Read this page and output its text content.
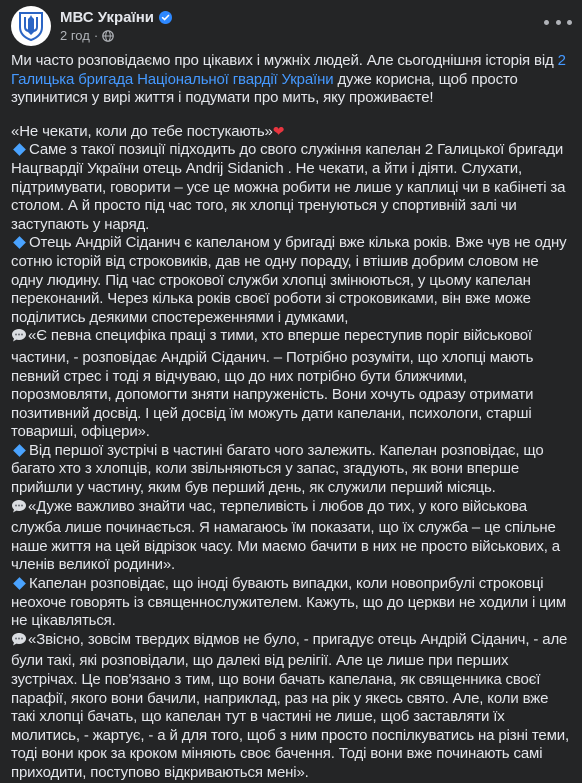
МВС України
2 год ·

Ми часто розповідаємо про цікавих і мужніх людей. Але сьогоднішня історія від 2 Галицька бригада Національної гвардії України дуже корисна, щоб просто зупинитися у вирі життя і подумати про мить, яку проживаєте!

«Не чекати, коли до тебе постукають»❤

Саме з такої позиції підходить до свого служіння капелан 2 Галицької бригади Нацгвардії України отець Andrij Sidanich . Не чекати, а йти і діяти. Слухати, підтримувати, говорити – усе це можна робити не лише у каплиці чи в кабінеті за столом. А й просто під час того, як хлопці тренуються у спортивній залі чи заступають у наряд.

Отець Андрій Сіданич є капеланом у бригаді вже кілька років. Вже чув не одну сотню історій від строковиків, дав не одну пораду, і втішив добрим словом не одну людину. Під час строкової служби хлопці змінюються, у цьому капелан переконаний. Через кілька років своєї роботи зі строковиками, він вже може поділитись деякими спостереженнями і думками,

«Є певна специфіка праці з тими, хто вперше переступив поріг військової частини, - розповідає Андрій Сіданич. – Потрібно розуміти, що хлопці мають певний стрес і тоді я відчуваю, що до них потрібно бути ближчими, порозмовляти, допомогти зняти напруженість. Вони хочуть одразу отримати позитивний досвід. І цей досвід їм можуть дати капелани, психологи, старші товариші, офіцери».

Від першої зустрічі в частині багато чого залежить. Капелан розповідає, що багато хто з хлопців, коли звільняються у запас, згадують, як вони вперше прийшли у частину, яким був перший день, як служили перший місяць.

«Дуже важливо знайти час, терпеливість і любов до тих, у кого військова служба лише починається. Я намагаюсь їм показати, що їх служба – це спільне наше життя на цей відрізок часу. Ми маємо бачити в них не просто військових, а членів великої родини».

Капелан розповідає, що іноді бувають випадки, коли новоприбулі строковці неохоче говорять із священнослужителем. Кажуть, що до церкви не ходили і цим не цікавляться.

«Звісно, зовсім твердих відмов не було, - пригадує отець Андрій Сіданич, - але були такі, які розповідали, що далекі від релігії. Але це лише при перших зустрічах. Це пов'язано з тим, що вони бачать капелана, як священника своєї парафії, якого вони бачили, наприклад, раз на рік у якесь свято. Але, коли вже такі хлопці бачать, що капелан тут в частині не лише, щоб заставляти їх молитись, - жартує, - а й для того, щоб з ним просто поспілкуватись на різні теми, тоді вони крок за кроком міняють своє бачення. Тоді вони вже починають самі приходити, поступово відкриваються мені».
